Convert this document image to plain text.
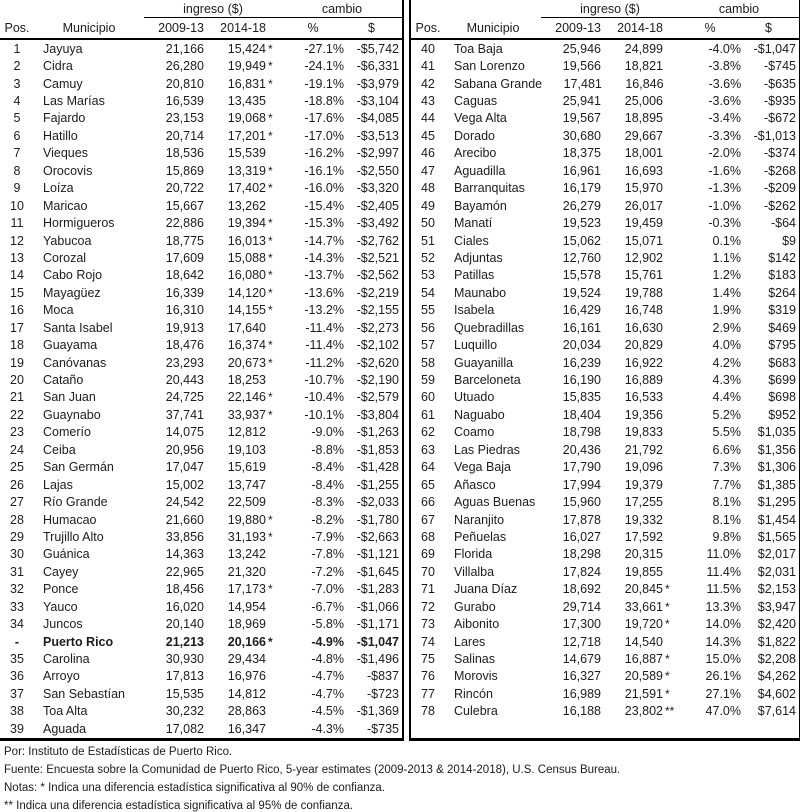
ingreso ($)	cambio
Pos.	Municipio	2009-13	2014-18	%	$
1	Jayuya	21,166	15,424 *	-27.1%	-$5,742
2	Cidra	26,280	19,949 *	-24.1%	-$6,331
3	Camuy	20,810	16,831 *	-19.1%	-$3,979
4	Las Marías	16,539	13,435	-18.8%	-$3,104
5	Fajardo	23,153	19,068 *	-17.6%	-$4,085
6	Hatillo	20,714	17,201 *	-17.0%	-$3,513
7	Vieques	18,536	15,539	-16.2%	-$2,997
8	Orocovis	15,869	13,319 *	-16.1%	-$2,550
9	Loíza	20,722	17,402 *	-16.0%	-$3,320
10	Maricao	15,667	13,262	-15.4%	-$2,405
11	Hormigueros	22,886	19,394 *	-15.3%	-$3,492
12	Yabucoa	18,775	16,013 *	-14.7%	-$2,762
13	Corozal	17,609	15,088 *	-14.3%	-$2,521
14	Cabo Rojo	18,642	16,080 *	-13.7%	-$2,562
15	Mayagüez	16,339	14,120 *	-13.6%	-$2,219
16	Moca	16,310	14,155 *	-13.2%	-$2,155
17	Santa Isabel	19,913	17,640	-11.4%	-$2,273
18	Guayama	18,476	16,374 *	-11.4%	-$2,102
19	Canóvanas	23,293	20,673 *	-11.2%	-$2,620
20	Cataño	20,443	18,253	-10.7%	-$2,190
21	San Juan	24,725	22,146 *	-10.4%	-$2,579
22	Guaynabo	37,741	33,937 *	-10.1%	-$3,804
23	Comerío	14,075	12,812	-9.0%	-$1,263
24	Ceiba	20,956	19,103	-8.8%	-$1,853
25	San Germán	17,047	15,619	-8.4%	-$1,428
26	Lajas	15,002	13,747	-8.4%	-$1,255
27	Río Grande	24,542	22,509	-8.3%	-$2,033
28	Humacao	21,660	19,880 *	-8.2%	-$1,780
29	Trujillo Alto	33,856	31,193 *	-7.9%	-$2,663
30	Guánica	14,363	13,242	-7.8%	-$1,121
31	Cayey	22,965	21,320	-7.2%	-$1,645
32	Ponce	18,456	17,173 *	-7.0%	-$1,283
33	Yauco	16,020	14,954	-6.7%	-$1,066
34	Juncos	20,140	18,969	-5.8%	-$1,171
-	Puerto Rico	21,213	20,166 *	-4.9%	-$1,047
35	Carolina	30,930	29,434	-4.8%	-$1,496
36	Arroyo	17,813	16,976	-4.7%	-$837
37	San Sebastían	15,535	14,812	-4.7%	-$723
38	Toa Alta	30,232	28,863	-4.5%	-$1,369
39	Aguada	17,082	16,347	-4.3%	-$735
ingreso ($)	cambio
Pos.	Municipio	2009-13	2014-18	%	$
40	Toa Baja	25,946	24,899	-4.0%	-$1,047
41	San Lorenzo	19,566	18,821	-3.8%	-$745
42	Sabana Grande	17,481	16,846	-3.6%	-$635
43	Caguas	25,941	25,006	-3.6%	-$935
44	Vega Alta	19,567	18,895	-3.4%	-$672
45	Dorado	30,680	29,667	-3.3%	-$1,013
46	Arecibo	18,375	18,001	-2.0%	-$374
47	Aguadilla	16,961	16,693	-1.6%	-$268
48	Barranquitas	16,179	15,970	-1.3%	-$209
49	Bayamón	26,279	26,017	-1.0%	-$262
50	Manatí	19,523	19,459	-0.3%	-$64
51	Ciales	15,062	15,071	0.1%	$9
52	Adjuntas	12,760	12,902	1.1%	$142
53	Patillas	15,578	15,761	1.2%	$183
54	Maunabo	19,524	19,788	1.4%	$264
55	Isabela	16,429	16,748	1.9%	$319
56	Quebradillas	16,161	16,630	2.9%	$469
57	Luquillo	20,034	20,829	4.0%	$795
58	Guayanilla	16,239	16,922	4.2%	$683
59	Barceloneta	16,190	16,889	4.3%	$699
60	Utuado	15,835	16,533	4.4%	$698
61	Naguabo	18,404	19,356	5.2%	$952
62	Coamo	18,798	19,833	5.5%	$1,035
63	Las Piedras	20,436	21,792	6.6%	$1,356
64	Vega Baja	17,790	19,096	7.3%	$1,306
65	Añasco	17,994	19,379	7.7%	$1,385
66	Aguas Buenas	15,960	17,255	8.1%	$1,295
67	Naranjito	17,878	19,332	8.1%	$1,454
68	Peñuelas	16,027	17,592	9.8%	$1,565
69	Florida	18,298	20,315	11.0%	$2,017
70	Villalba	17,824	19,855	11.4%	$2,031
71	Juana Díaz	18,692	20,845 *	11.5%	$2,153
72	Gurabo	29,714	33,661 *	13.3%	$3,947
73	Aibonito	17,300	19,720 *	14.0%	$2,420
74	Lares	12,718	14,540	14.3%	$1,822
75	Salinas	14,679	16,887 *	15.0%	$2,208
76	Morovis	16,327	20,589 *	26.1%	$4,262
77	Rincón	16,989	21,591 *	27.1%	$4,602
78	Culebra	16,188	23,802 **	47.0%	$7,614
Por: Instituto de Estadísticas de Puerto Rico.
Fuente: Encuesta sobre la Comunidad de Puerto Rico, 5-year estimates (2009-2013 & 2014-2018), U.S. Census Bureau.
Notas: * Indica una diferencia estadística significativa al 90% de confianza.
** Indica una diferencia estadística significativa al 95% de confianza.
